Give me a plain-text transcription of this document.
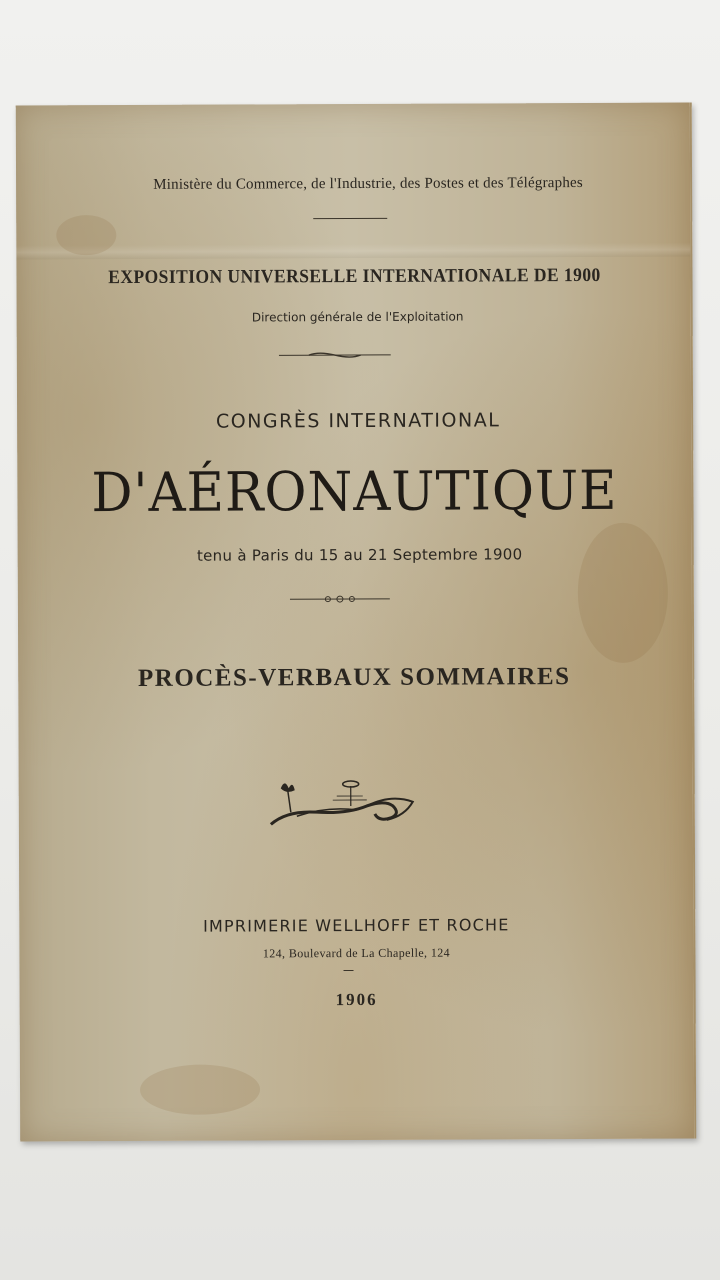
Ministère du Commerce, de l'Industrie, des Postes et des Télégraphes
EXPOSITION UNIVERSELLE INTERNATIONALE DE 1900
Direction générale de l'Exploitation
CONGRÈS INTERNATIONAL
D'AÉRONAUTIQUE
tenu à Paris du 15 au 21 Septembre 1900
PROCÈS-VERBAUX SOMMAIRES
IMPRIMERIE WELLHOFF ET ROCHE
124, Boulevard de La Chapelle, 124
1906
